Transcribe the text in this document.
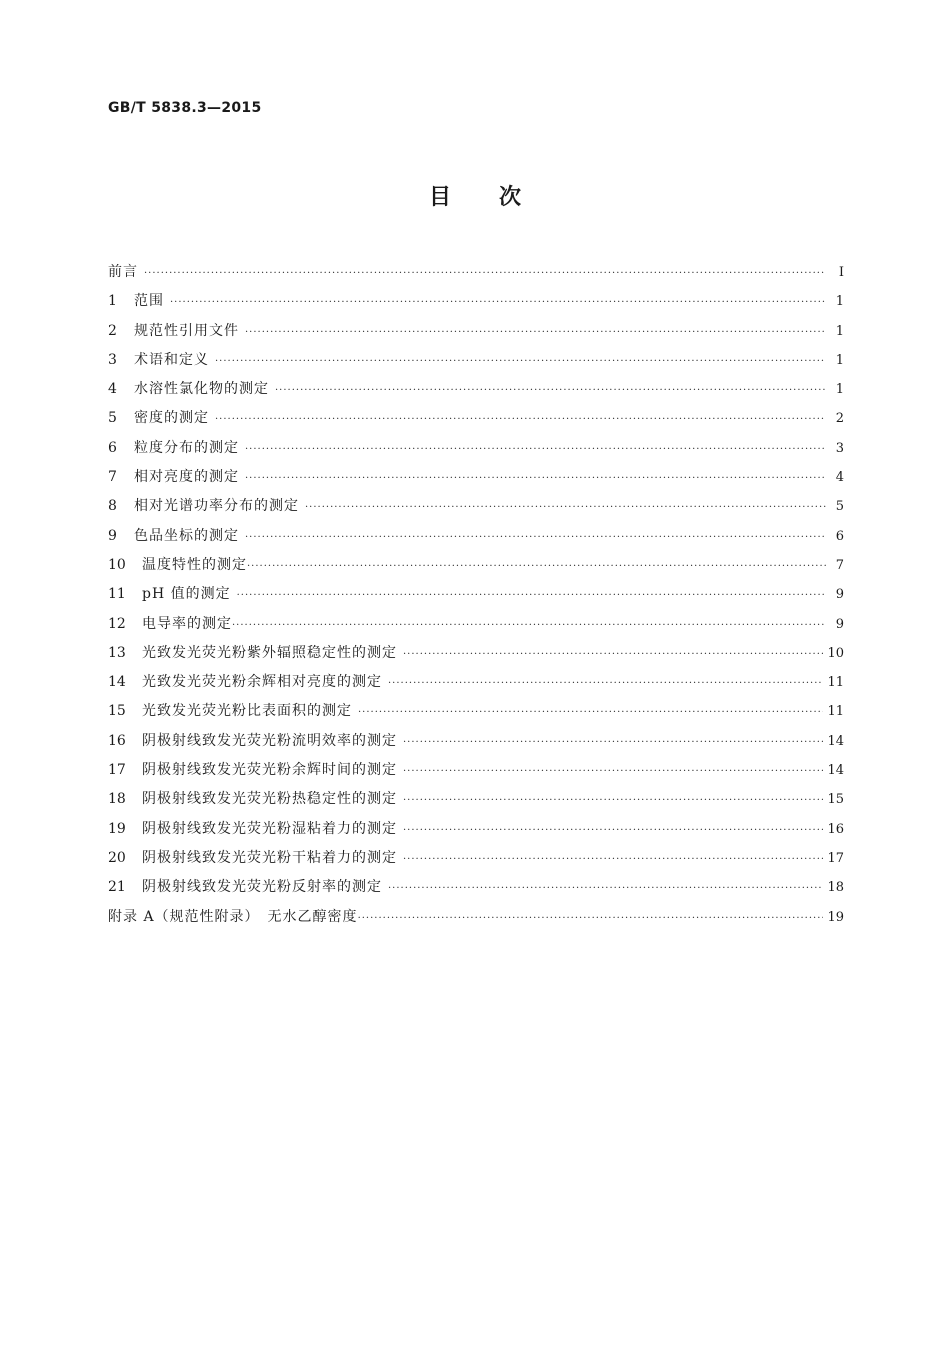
GB/T 5838.3—2015
目次
前言 ·····	Ⅰ
1	范围 ·····	1
2	规范性引用文件 ·····	1
3	术语和定义 ·····	1
4	水溶性氯化物的测定 ·····	1
5	密度的测定 ·····	2
6	粒度分布的测定 ·····	3
7	相对亮度的测定 ·····	4
8	相对光谱功率分布的测定 ·····	5
9	色品坐标的测定 ·····	6
10	温度特性的测定 ·····	7
11	pH 值的测定 ·····	9
12	电导率的测定 ·····	9
13	光致发光荧光粉紫外辐照稳定性的测定 ·····	10
14	光致发光荧光粉余辉相对亮度的测定 ·····	11
15	光致发光荧光粉比表面积的测定 ·····	11
16	阴极射线致发光荧光粉流明效率的测定 ·····	14
17	阴极射线致发光荧光粉余辉时间的测定 ·····	14
18	阴极射线致发光荧光粉热稳定性的测定 ·····	15
19	阴极射线致发光荧光粉湿粘着力的测定 ·····	16
20	阴极射线致发光荧光粉干粘着力的测定 ·····	17
21	阴极射线致发光荧光粉反射率的测定 ·····	18
附录 A（规范性附录）　无水乙醇密度 ·····	19
